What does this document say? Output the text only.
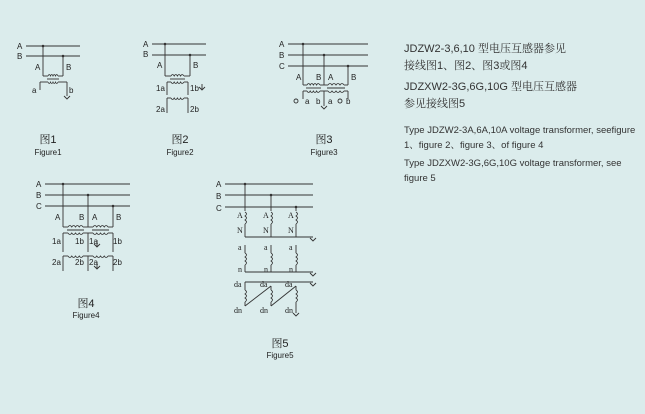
A
B
A	B
a	b
图1
Figure1
A
B
A	B
1a	1b
2a	2b
图2
Figure2
A
B
C
A B A B
a b a b
图3
Figure3
A
B
C
A B A B
1a 1b 1a 1b
2a 2b 2a 2b
图4
Figure4
A
B
C
A	A A
N	N N
a	a	a
n	n	n
da da da
dn dn dn
图5
Figure5

JDZW2-3,6,10 型电压互感器参见

接线图1、图2、图3或图4

JDZXW2-3G,6G,10G 型电压互感器

参见接线图5

Type JDZW2-3A,6A,10A voltage transformer, seefigure 1、figure 2、figure 3、of figure 4

Type JDZXW2-3G,6G,10G voltage transformer, see figure 5
